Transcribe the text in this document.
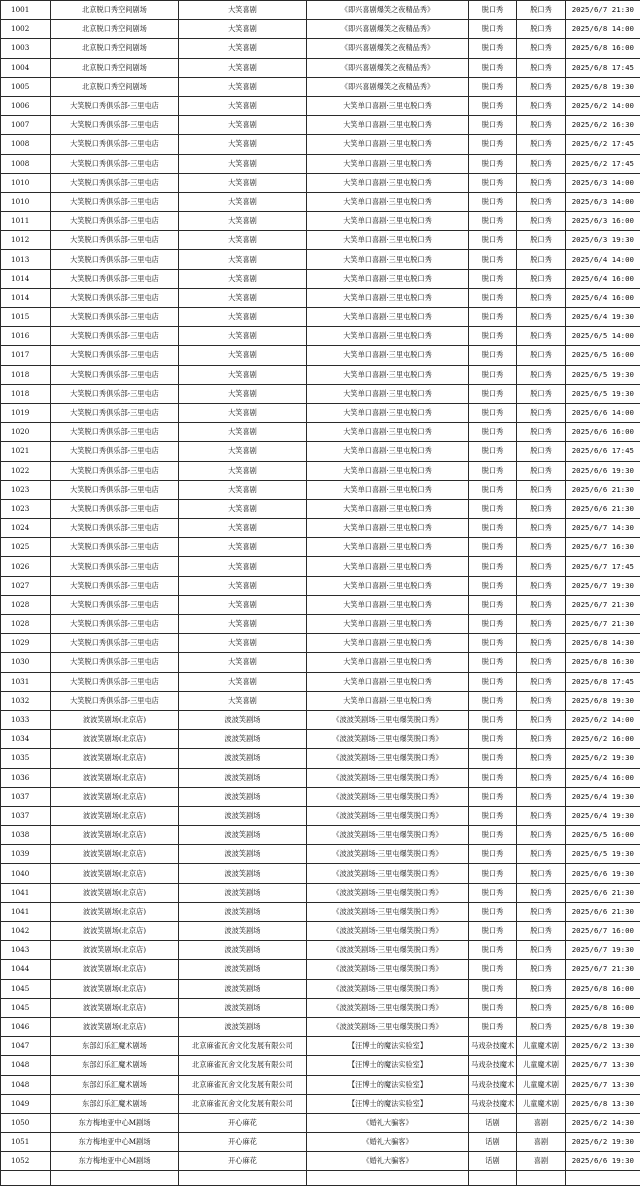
1001	北京脱口秀空间剧场	大笑喜剧	《即兴喜剧爆笑之夜精品秀》	脱口秀	脱口秀	2025/6/7 21:30
1002	北京脱口秀空间剧场	大笑喜剧	《即兴喜剧爆笑之夜精品秀》	脱口秀	脱口秀	2025/6/8 14:00
1003	北京脱口秀空间剧场	大笑喜剧	《即兴喜剧爆笑之夜精品秀》	脱口秀	脱口秀	2025/6/8 16:00
1004	北京脱口秀空间剧场	大笑喜剧	《即兴喜剧爆笑之夜精品秀》	脱口秀	脱口秀	2025/6/8 17:45
1005	北京脱口秀空间剧场	大笑喜剧	《即兴喜剧爆笑之夜精品秀》	脱口秀	脱口秀	2025/6/8 19:30
1006	大笑脱口秀俱乐部-三里屯店	大笑喜剧	大笑单口喜剧·三里屯脱口秀	脱口秀	脱口秀	2025/6/2 14:00
1007	大笑脱口秀俱乐部-三里屯店	大笑喜剧	大笑单口喜剧·三里屯脱口秀	脱口秀	脱口秀	2025/6/2 16:30
1008	大笑脱口秀俱乐部-三里屯店	大笑喜剧	大笑单口喜剧·三里屯脱口秀	脱口秀	脱口秀	2025/6/2 17:45
1008	大笑脱口秀俱乐部-三里屯店	大笑喜剧	大笑单口喜剧·三里屯脱口秀	脱口秀	脱口秀	2025/6/2 17:45
1010	大笑脱口秀俱乐部-三里屯店	大笑喜剧	大笑单口喜剧·三里屯脱口秀	脱口秀	脱口秀	2025/6/3 14:00
1010	大笑脱口秀俱乐部-三里屯店	大笑喜剧	大笑单口喜剧·三里屯脱口秀	脱口秀	脱口秀	2025/6/3 14:00
1011	大笑脱口秀俱乐部-三里屯店	大笑喜剧	大笑单口喜剧·三里屯脱口秀	脱口秀	脱口秀	2025/6/3 16:00
1012	大笑脱口秀俱乐部-三里屯店	大笑喜剧	大笑单口喜剧·三里屯脱口秀	脱口秀	脱口秀	2025/6/3 19:30
1013	大笑脱口秀俱乐部-三里屯店	大笑喜剧	大笑单口喜剧·三里屯脱口秀	脱口秀	脱口秀	2025/6/4 14:00
1014	大笑脱口秀俱乐部-三里屯店	大笑喜剧	大笑单口喜剧·三里屯脱口秀	脱口秀	脱口秀	2025/6/4 16:00
1014	大笑脱口秀俱乐部-三里屯店	大笑喜剧	大笑单口喜剧·三里屯脱口秀	脱口秀	脱口秀	2025/6/4 16:00
1015	大笑脱口秀俱乐部-三里屯店	大笑喜剧	大笑单口喜剧·三里屯脱口秀	脱口秀	脱口秀	2025/6/4 19:30
1016	大笑脱口秀俱乐部-三里屯店	大笑喜剧	大笑单口喜剧·三里屯脱口秀	脱口秀	脱口秀	2025/6/5 14:00
1017	大笑脱口秀俱乐部-三里屯店	大笑喜剧	大笑单口喜剧·三里屯脱口秀	脱口秀	脱口秀	2025/6/5 16:00
1018	大笑脱口秀俱乐部-三里屯店	大笑喜剧	大笑单口喜剧·三里屯脱口秀	脱口秀	脱口秀	2025/6/5 19:30
1018	大笑脱口秀俱乐部-三里屯店	大笑喜剧	大笑单口喜剧·三里屯脱口秀	脱口秀	脱口秀	2025/6/5 19:30
1019	大笑脱口秀俱乐部-三里屯店	大笑喜剧	大笑单口喜剧·三里屯脱口秀	脱口秀	脱口秀	2025/6/6 14:00
1020	大笑脱口秀俱乐部-三里屯店	大笑喜剧	大笑单口喜剧·三里屯脱口秀	脱口秀	脱口秀	2025/6/6 16:00
1021	大笑脱口秀俱乐部-三里屯店	大笑喜剧	大笑单口喜剧·三里屯脱口秀	脱口秀	脱口秀	2025/6/6 17:45
1022	大笑脱口秀俱乐部-三里屯店	大笑喜剧	大笑单口喜剧·三里屯脱口秀	脱口秀	脱口秀	2025/6/6 19:30
1023	大笑脱口秀俱乐部-三里屯店	大笑喜剧	大笑单口喜剧·三里屯脱口秀	脱口秀	脱口秀	2025/6/6 21:30
1023	大笑脱口秀俱乐部-三里屯店	大笑喜剧	大笑单口喜剧·三里屯脱口秀	脱口秀	脱口秀	2025/6/6 21:30
1024	大笑脱口秀俱乐部-三里屯店	大笑喜剧	大笑单口喜剧·三里屯脱口秀	脱口秀	脱口秀	2025/6/7 14:30
1025	大笑脱口秀俱乐部-三里屯店	大笑喜剧	大笑单口喜剧·三里屯脱口秀	脱口秀	脱口秀	2025/6/7 16:30
1026	大笑脱口秀俱乐部-三里屯店	大笑喜剧	大笑单口喜剧·三里屯脱口秀	脱口秀	脱口秀	2025/6/7 17:45
1027	大笑脱口秀俱乐部-三里屯店	大笑喜剧	大笑单口喜剧·三里屯脱口秀	脱口秀	脱口秀	2025/6/7 19:30
1028	大笑脱口秀俱乐部-三里屯店	大笑喜剧	大笑单口喜剧·三里屯脱口秀	脱口秀	脱口秀	2025/6/7 21:30
1028	大笑脱口秀俱乐部-三里屯店	大笑喜剧	大笑单口喜剧·三里屯脱口秀	脱口秀	脱口秀	2025/6/7 21:30
1029	大笑脱口秀俱乐部-三里屯店	大笑喜剧	大笑单口喜剧·三里屯脱口秀	脱口秀	脱口秀	2025/6/8 14:30
1030	大笑脱口秀俱乐部-三里屯店	大笑喜剧	大笑单口喜剧·三里屯脱口秀	脱口秀	脱口秀	2025/6/8 16:30
1031	大笑脱口秀俱乐部-三里屯店	大笑喜剧	大笑单口喜剧·三里屯脱口秀	脱口秀	脱口秀	2025/6/8 17:45
1032	大笑脱口秀俱乐部-三里屯店	大笑喜剧	大笑单口喜剧·三里屯脱口秀	脱口秀	脱口秀	2025/6/8 19:30
1033	波波笑剧场(北京店)	波波笑剧场	《波波笑剧场-三里屯爆笑脱口秀》	脱口秀	脱口秀	2025/6/2 14:00
1034	波波笑剧场(北京店)	波波笑剧场	《波波笑剧场-三里屯爆笑脱口秀》	脱口秀	脱口秀	2025/6/2 16:00
1035	波波笑剧场(北京店)	波波笑剧场	《波波笑剧场-三里屯爆笑脱口秀》	脱口秀	脱口秀	2025/6/2 19:30
1036	波波笑剧场(北京店)	波波笑剧场	《波波笑剧场-三里屯爆笑脱口秀》	脱口秀	脱口秀	2025/6/4 16:00
1037	波波笑剧场(北京店)	波波笑剧场	《波波笑剧场-三里屯爆笑脱口秀》	脱口秀	脱口秀	2025/6/4 19:30
1037	波波笑剧场(北京店)	波波笑剧场	《波波笑剧场-三里屯爆笑脱口秀》	脱口秀	脱口秀	2025/6/4 19:30
1038	波波笑剧场(北京店)	波波笑剧场	《波波笑剧场-三里屯爆笑脱口秀》	脱口秀	脱口秀	2025/6/5 16:00
1039	波波笑剧场(北京店)	波波笑剧场	《波波笑剧场-三里屯爆笑脱口秀》	脱口秀	脱口秀	2025/6/5 19:30
1040	波波笑剧场(北京店)	波波笑剧场	《波波笑剧场-三里屯爆笑脱口秀》	脱口秀	脱口秀	2025/6/6 19:30
1041	波波笑剧场(北京店)	波波笑剧场	《波波笑剧场-三里屯爆笑脱口秀》	脱口秀	脱口秀	2025/6/6 21:30
1041	波波笑剧场(北京店)	波波笑剧场	《波波笑剧场-三里屯爆笑脱口秀》	脱口秀	脱口秀	2025/6/6 21:30
1042	波波笑剧场(北京店)	波波笑剧场	《波波笑剧场-三里屯爆笑脱口秀》	脱口秀	脱口秀	2025/6/7 16:00
1043	波波笑剧场(北京店)	波波笑剧场	《波波笑剧场-三里屯爆笑脱口秀》	脱口秀	脱口秀	2025/6/7 19:30
1044	波波笑剧场(北京店)	波波笑剧场	《波波笑剧场-三里屯爆笑脱口秀》	脱口秀	脱口秀	2025/6/7 21:30
1045	波波笑剧场(北京店)	波波笑剧场	《波波笑剧场-三里屯爆笑脱口秀》	脱口秀	脱口秀	2025/6/8 16:00
1045	波波笑剧场(北京店)	波波笑剧场	《波波笑剧场-三里屯爆笑脱口秀》	脱口秀	脱口秀	2025/6/8 16:00
1046	波波笑剧场(北京店)	波波笑剧场	《波波笑剧场-三里屯爆笑脱口秀》	脱口秀	脱口秀	2025/6/8 19:30
1047	东部幻乐汇魔术剧场	北京麻雀瓦舍文化发展有限公司	【汪博士的魔法实验室】	马戏杂技魔术	儿童魔术剧	2025/6/2 13:30
1048	东部幻乐汇魔术剧场	北京麻雀瓦舍文化发展有限公司	【汪博士的魔法实验室】	马戏杂技魔术	儿童魔术剧	2025/6/7 13:30
1048	东部幻乐汇魔术剧场	北京麻雀瓦舍文化发展有限公司	【汪博士的魔法实验室】	马戏杂技魔术	儿童魔术剧	2025/6/7 13:30
1049	东部幻乐汇魔术剧场	北京麻雀瓦舍文化发展有限公司	【汪博士的魔法实验室】	马戏杂技魔术	儿童魔术剧	2025/6/8 13:30
1050	东方梅地亚中心M剧场	开心麻花	《婚礼大骗客》	话剧	喜剧	2025/6/2 14:30
1051	东方梅地亚中心M剧场	开心麻花	《婚礼大骗客》	话剧	喜剧	2025/6/2 19:30
1052	东方梅地亚中心M剧场	开心麻花	《婚礼大骗客》	话剧	喜剧	2025/6/6 19:30
